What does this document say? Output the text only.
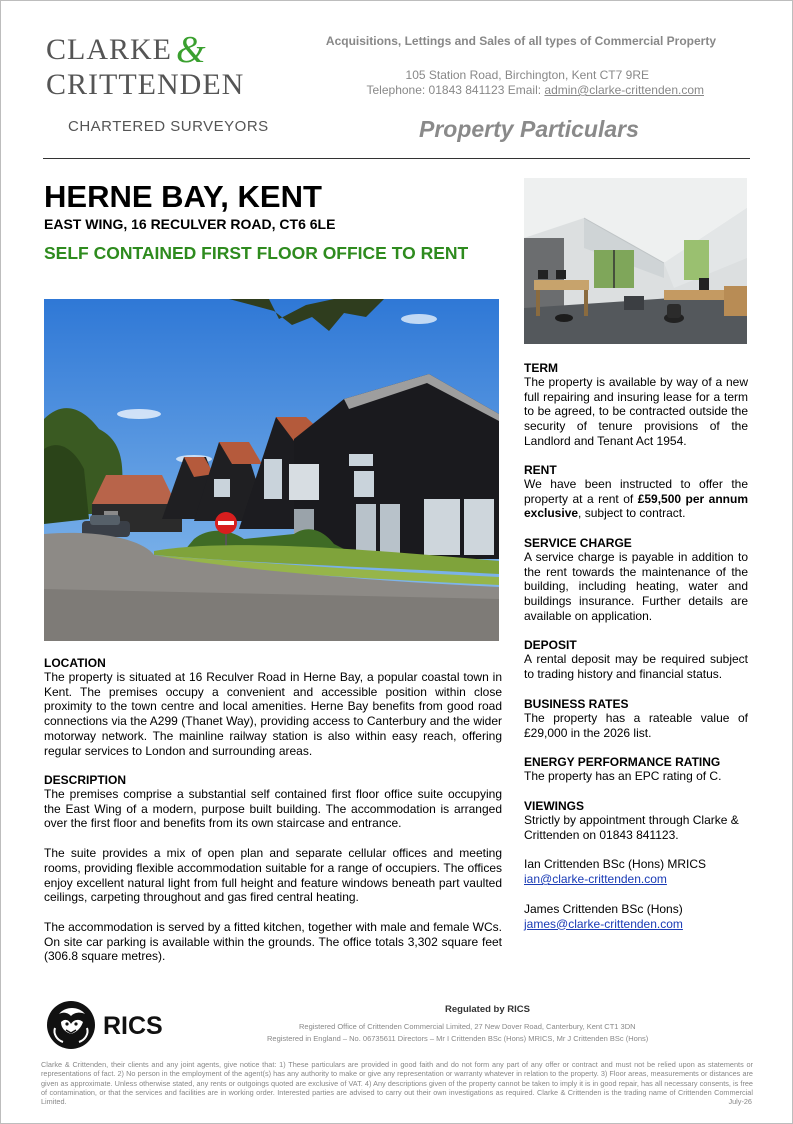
CLARKE &
CRITTENDEN
CHARTERED SURVEYORS
Acquisitions, Lettings and Sales of all types of Commercial Property
105 Station Road, Birchington, Kent CT7 9RE
Telephone: 01843 841123 Email: admin@clarke-crittenden.com
Property Particulars
HERNE BAY, KENT
EAST WING, 16 RECULVER ROAD, CT6 6LE
SELF CONTAINED FIRST FLOOR OFFICE TO RENT
LOCATION
The property is situated at 16 Reculver Road in Herne Bay, a popular coastal town in Kent. The premises occupy a convenient and accessible position within close proximity to the town centre and local amenities. Herne Bay benefits from good road connections via the A299 (Thanet Way), providing access to Canterbury and the wider motorway network. The mainline railway station is also within easy reach, offering regular services to London and surrounding areas.
DESCRIPTION
The premises comprise a substantial self contained first floor office suite occupying the East Wing of a modern, purpose built building. The accommodation is arranged over the first floor and benefits from its own staircase and entrance.
The suite provides a mix of open plan and separate cellular offices and meeting rooms, providing flexible accommodation suitable for a range of occupiers. The offices enjoy excellent natural light from full height and feature windows beneath part vaulted ceilings, carpeting throughout and gas fired central heating.
The accommodation is served by a fitted kitchen, together with male and female WCs. On site car parking is available within the grounds. The office totals 3,302 square feet (306.8 square metres).
TERM
The property is available by way of a new full repairing and insuring lease for a term to be agreed, to be contracted outside the security of tenure provisions of the Landlord and Tenant Act 1954.
RENT
We have been instructed to offer the property at a rent of £59,500 per annum exclusive, subject to contract.
SERVICE CHARGE
A service charge is payable in addition to the rent towards the maintenance of the building, including heating, water and buildings insurance. Further details are available on application.
DEPOSIT
A rental deposit may be required subject to trading history and financial status.
BUSINESS RATES
The property has a rateable value of £29,000 in the 2026 list.
ENERGY PERFORMANCE RATING
The property has an EPC rating of C.
VIEWINGS
Strictly by appointment through Clarke & Crittenden on 01843 841123.
Ian Crittenden BSc (Hons) MRICS
ian@clarke-crittenden.com
James Crittenden BSc (Hons)
james@clarke-crittenden.com
RICS
Regulated by RICS
Registered Office of Crittenden Commercial Limited, 27 New Dover Road, Canterbury, Kent CT1 3DN
Registered in England – No. 06735611 Directors – Mr I Crittenden BSc (Hons) MRICS, Mr J Crittenden BSc (Hons)
Clarke & Crittenden, their clients and any joint agents, give notice that: 1) These particulars are provided in good faith and do not form any part of any offer or contract and must not be relied upon as statements or representations of fact. 2) No person in the employment of the agent(s) has any authority to make or give any representation or warranty whatever in relation to the property. 3) Floor areas, measurements or distances are given as approximate. Unless otherwise stated, any rents or outgoings quoted are exclusive of VAT. 4) Any descriptions given of the property cannot be taken to imply it is in good repair, has all necessary consents, is free of contamination, or that the services and facilities are in working order. Interested parties are advised to carry out their own investigations as required. Clarke & Crittenden is the trading name of Crittenden Commercial Limited.	July-26
